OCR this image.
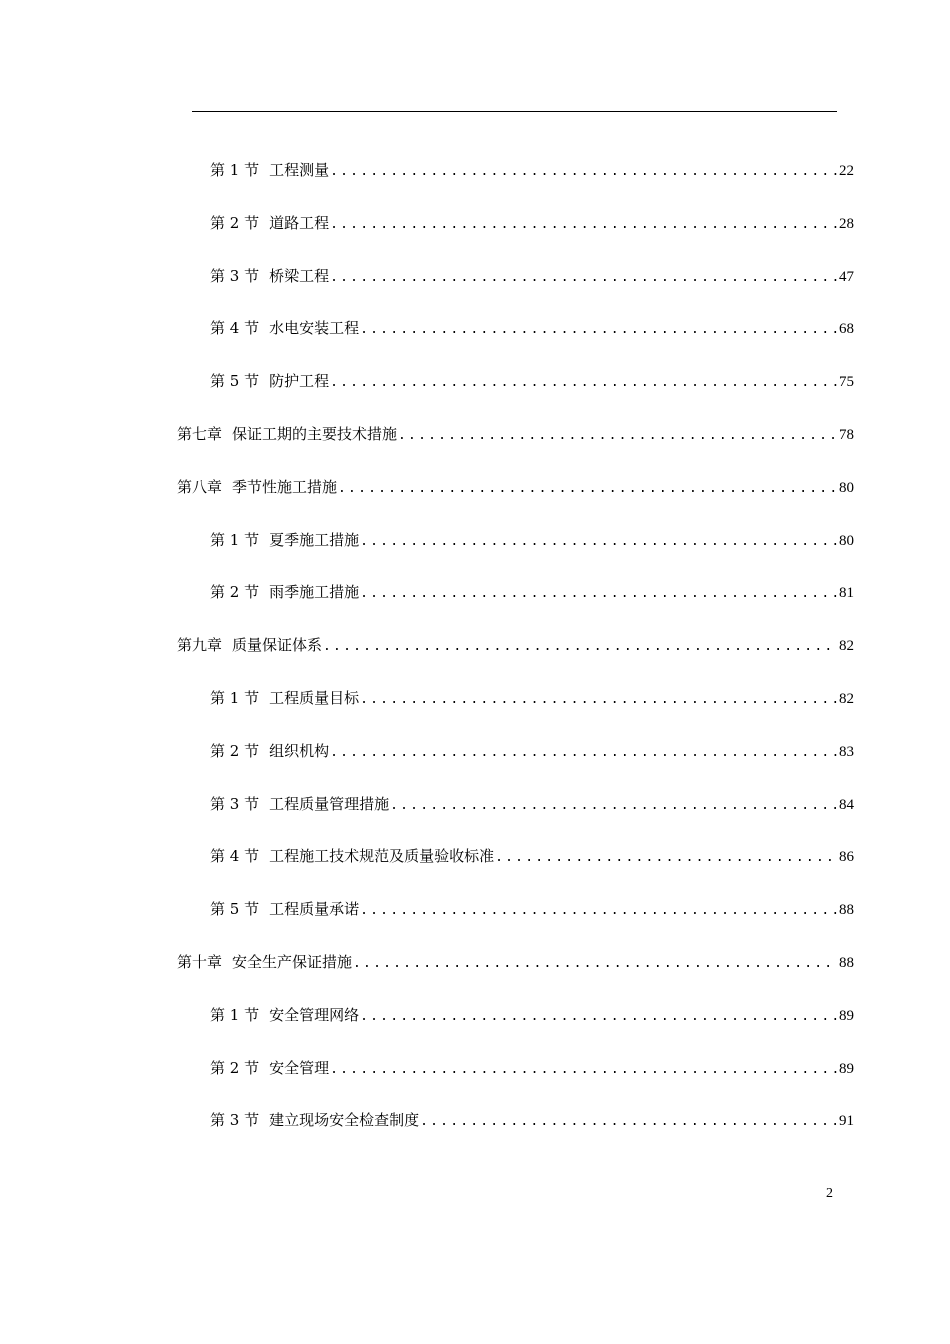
第 1 节 工程测量 .....	22
第 2 节 道路工程 .....	28
第 3 节 桥梁工程 .....	47
第 4 节 水电安装工程 .....	68
第 5 节 防护工程 .....	75
第七章 保证工期的主要技术措施 .....	78
第八章 季节性施工措施 .....	80
第 1 节 夏季施工措施 .....	80
第 2 节 雨季施工措施 .....	81
第九章 质量保证体系 .....	82
第 1 节 工程质量目标 .....	82
第 2 节 组织机构 .....	83
第 3 节 工程质量管理措施 .....	84
第 4 节 工程施工技术规范及质量验收标准 .....	86
第 5 节 工程质量承诺 .....	88
第十章 安全生产保证措施 .....	88
第 1 节 安全管理网络 .....	89
第 2 节 安全管理 .....	89
第 3 节 建立现场安全检查制度 .....	91
2
